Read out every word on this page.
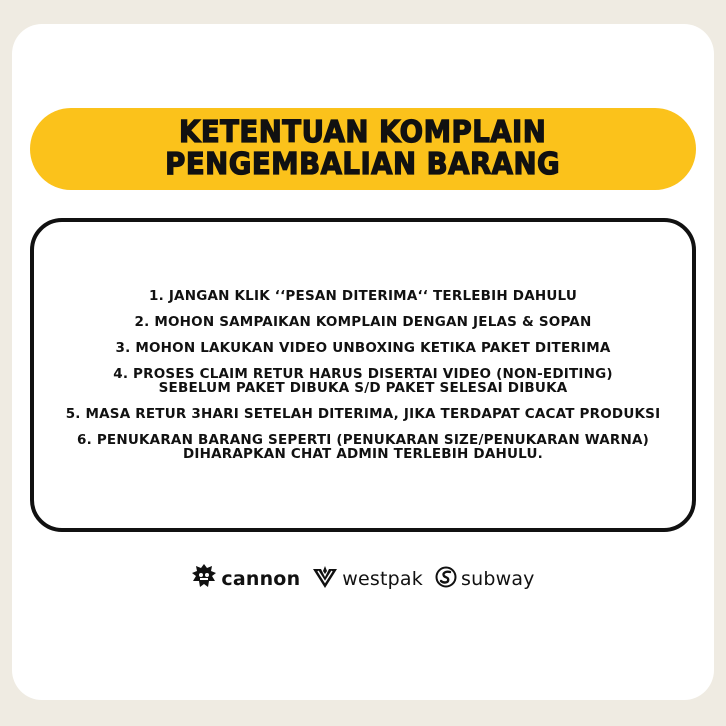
KETENTUAN KOMPLAIN
PENGEMBALIAN BARANG
1. JANGAN KLIK ‘‘PESAN DITERIMA‘‘ TERLEBIH DAHULU
2. MOHON SAMPAIKAN KOMPLAIN DENGAN JELAS & SOPAN
3. MOHON LAKUKAN VIDEO UNBOXING KETIKA PAKET DITERIMA
4. PROSES CLAIM RETUR HARUS DISERTAI VIDEO (NON-EDITING)
SEBELUM PAKET DIBUKA S/D PAKET SELESAI DIBUKA
5. MASA RETUR 3HARI SETELAH DITERIMA, JIKA TERDAPAT CACAT PRODUKSI
6. PENUKARAN BARANG SEPERTI (PENUKARAN SIZE/PENUKARAN WARNA)
DIHARAPKAN CHAT ADMIN TERLEBIH DAHULU.
cannon westpak subway
